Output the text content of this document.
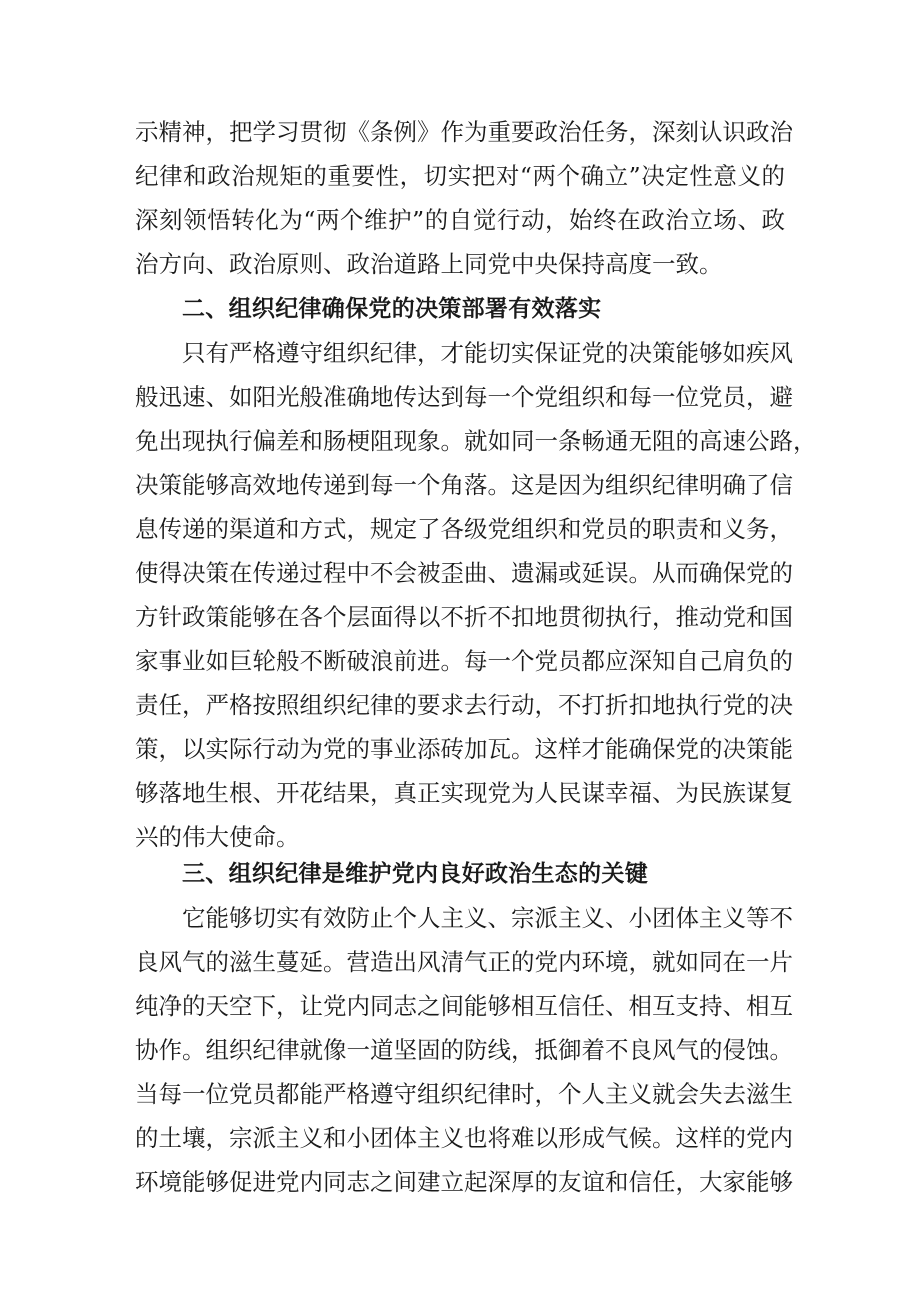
示精神，把学习贯彻《条例》作为重要政治任务，深刻认识政治
纪律和政治规矩的重要性，切实把对“两个确立”决定性意义的
深刻领悟转化为“两个维护”的自觉行动，始终在政治立场、政
治方向、政治原则、政治道路上同党中央保持高度一致。
二、组织纪律确保党的决策部署有效落实
只有严格遵守组织纪律，才能切实保证党的决策能够如疾风
般迅速、如阳光般准确地传达到每一个党组织和每一位党员，避
免出现执行偏差和肠梗阻现象。就如同一条畅通无阻的高速公路，
决策能够高效地传递到每一个角落。这是因为组织纪律明确了信
息传递的渠道和方式，规定了各级党组织和党员的职责和义务，
使得决策在传递过程中不会被歪曲、遗漏或延误。从而确保党的
方针政策能够在各个层面得以不折不扣地贯彻执行，推动党和国
家事业如巨轮般不断破浪前进。每一个党员都应深知自己肩负的
责任，严格按照组织纪律的要求去行动，不打折扣地执行党的决
策，以实际行动为党的事业添砖加瓦。这样才能确保党的决策能
够落地生根、开花结果，真正实现党为人民谋幸福、为民族谋复
兴的伟大使命。
三、组织纪律是维护党内良好政治生态的关键
它能够切实有效防止个人主义、宗派主义、小团体主义等不
良风气的滋生蔓延。营造出风清气正的党内环境，就如同在一片
纯净的天空下，让党内同志之间能够相互信任、相互支持、相互
协作。组织纪律就像一道坚固的防线，抵御着不良风气的侵蚀。
当每一位党员都能严格遵守组织纪律时，个人主义就会失去滋生
的土壤，宗派主义和小团体主义也将难以形成气候。这样的党内
环境能够促进党内同志之间建立起深厚的友谊和信任，大家能够
